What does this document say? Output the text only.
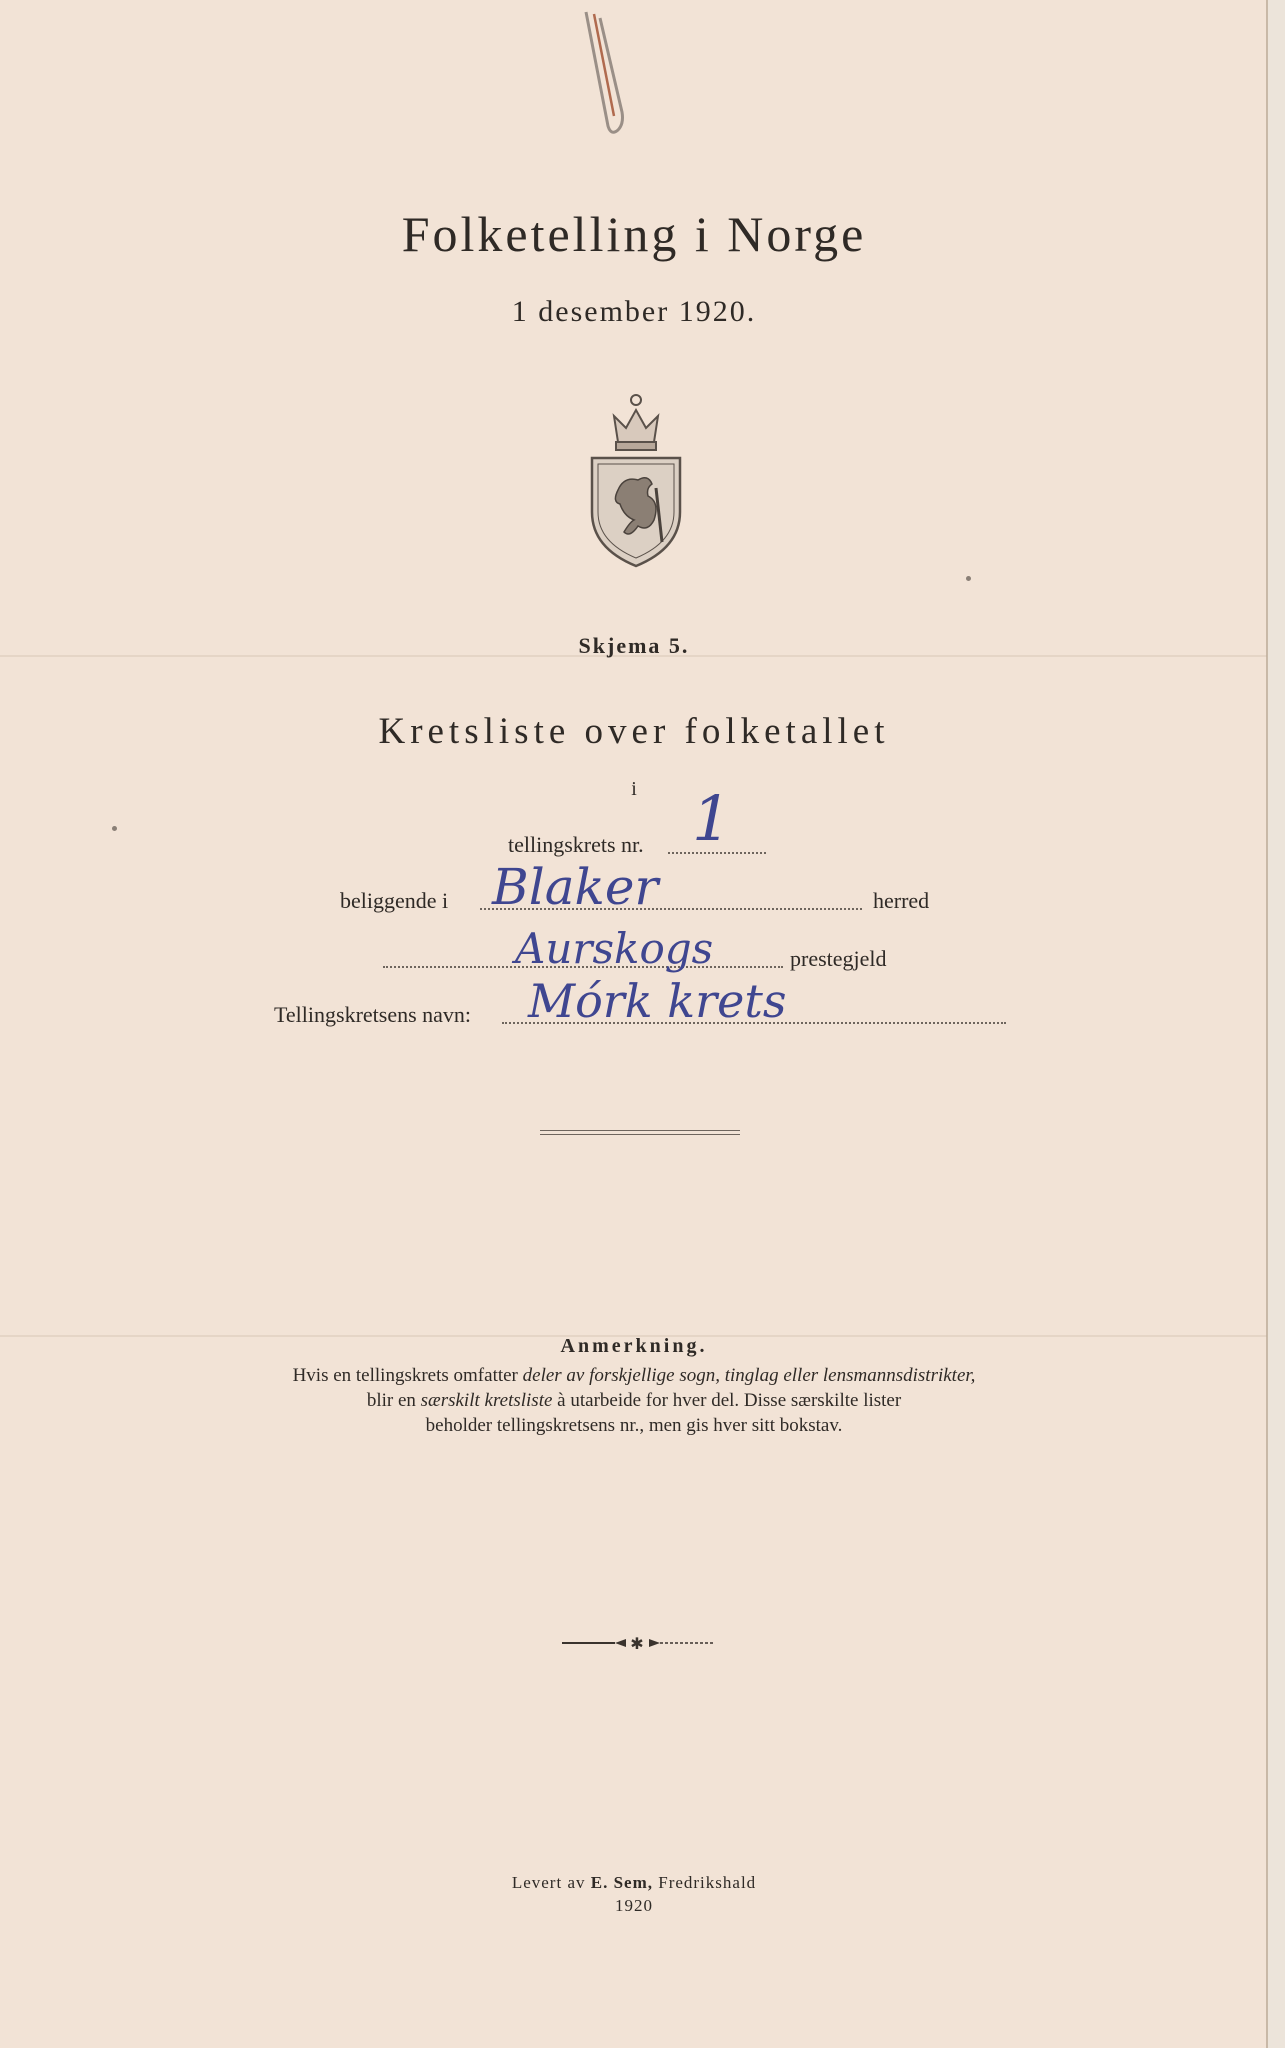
Folketelling i Norge
1 desember 1920.
Skjema 5.
Kretsliste over folketallet
i
tellingskrets nr. 1
beliggende i Blaker	herred
Aurskogs	prestegjeld
Tellingskretsens navn: Mórk krets
Anmerkning.
Hvis en tellingskrets omfatter deler av forskjellige sogn, tinglag eller lensmannsdistrikter,
blir en særskilt kretsliste à utarbeide for hver del. Disse særskilte lister
beholder tellingskretsens nr., men gis hver sitt bokstav.
✱
Levert av E. Sem, Fredrikshald
1920
